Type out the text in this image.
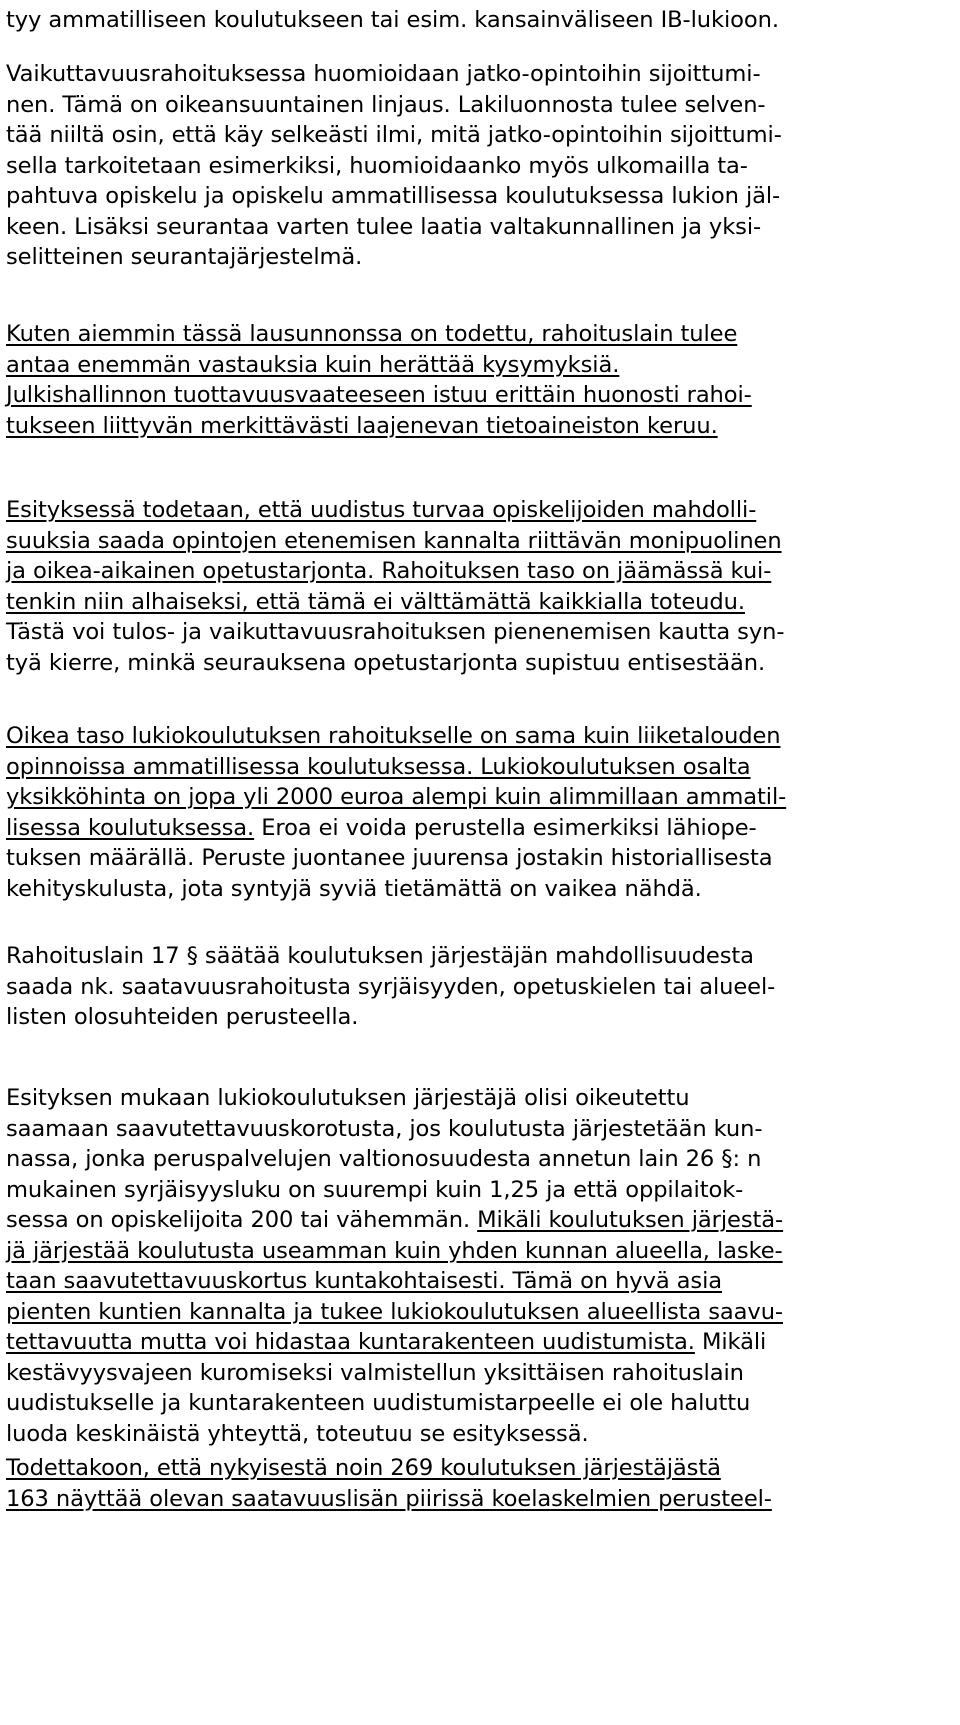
tyy ammatilliseen koulutukseen tai esim. kansainväliseen IB-lukioon.

Vaikuttavuusrahoituksessa huomioidaan jatko-opintoihin sijoittumi-

nen. Tämä on oikeansuuntainen linjaus. Lakiluonnosta tulee selven-

tää niiltä osin, että käy selkeästi ilmi, mitä jatko-opintoihin sijoittumi-

sella tarkoitetaan esimerkiksi, huomioidaanko myös ulkomailla ta-

pahtuva opiskelu ja opiskelu ammatillisessa koulutuksessa lukion jäl-

keen. Lisäksi seurantaa varten tulee laatia valtakunnallinen ja yksi-

selitteinen seurantajärjestelmä.

Kuten aiemmin tässä lausunnonssa on todettu, rahoituslain tulee

antaa enemmän vastauksia kuin herättää kysymyksiä.

Julkishallinnon tuottavuusvaateeseen istuu erittäin huonosti rahoi-

tukseen liittyvän merkittävästi laajenevan tietoaineiston keruu.

Esityksessä todetaan, että uudistus turvaa opiskelijoiden mahdolli-

suuksia saada opintojen etenemisen kannalta riittävän monipuolinen

ja oikea-aikainen opetustarjonta. Rahoituksen taso on jäämässä kui-

tenkin niin alhaiseksi, että tämä ei välttämättä kaikkialla toteudu.

Tästä voi tulos- ja vaikuttavuusrahoituksen pienenemisen kautta syn-

tyä kierre, minkä seurauksena opetustarjonta supistuu entisestään.

Oikea taso lukiokoulutuksen rahoitukselle on sama kuin liiketalouden

opinnoissa ammatillisessa koulutuksessa. Lukiokoulutuksen osalta

yksikköhinta on jopa yli 2000 euroa alempi kuin alimmillaan ammatil-

lisessa koulutuksessa. Eroa ei voida perustella esimerkiksi lähiope-

tuksen määrällä. Peruste juontanee juurensa jostakin historiallisesta

kehityskulusta, jota syntyjä syviä tietämättä on vaikea nähdä.

Rahoituslain 17 § säätää koulutuksen järjestäjän mahdollisuudesta

saada nk. saatavuusrahoitusta syrjäisyyden, opetuskielen tai alueel-

listen olosuhteiden perusteella.

Esityksen mukaan lukiokoulutuksen järjestäjä olisi oikeutettu

saamaan saavutettavuuskorotusta, jos koulutusta järjestetään kun-

nassa, jonka peruspalvelujen valtionosuudesta annetun lain 26 §: n

mukainen syrjäisyysluku on suurempi kuin 1,25 ja että oppilaitok-

sessa on opiskelijoita 200 tai vähemmän. Mikäli koulutuksen järjestä-

jä järjestää koulutusta useamman kuin yhden kunnan alueella, laske-

taan saavutettavuuskortus kuntakohtaisesti. Tämä on hyvä asia

pienten kuntien kannalta ja tukee lukiokoulutuksen alueellista saavu-

tettavuutta mutta voi hidastaa kuntarakenteen uudistumista. Mikäli

kestävyysvajeen kuromiseksi valmistellun yksittäisen rahoituslain

uudistukselle ja kuntarakenteen uudistumistarpeelle ei ole haluttu

luoda keskinäistä yhteyttä, toteutuu se esityksessä.

Todettakoon, että nykyisestä noin 269 koulutuksen järjestäjästä

163 näyttää olevan saatavuuslisän piirissä koelaskelmien perusteel-
